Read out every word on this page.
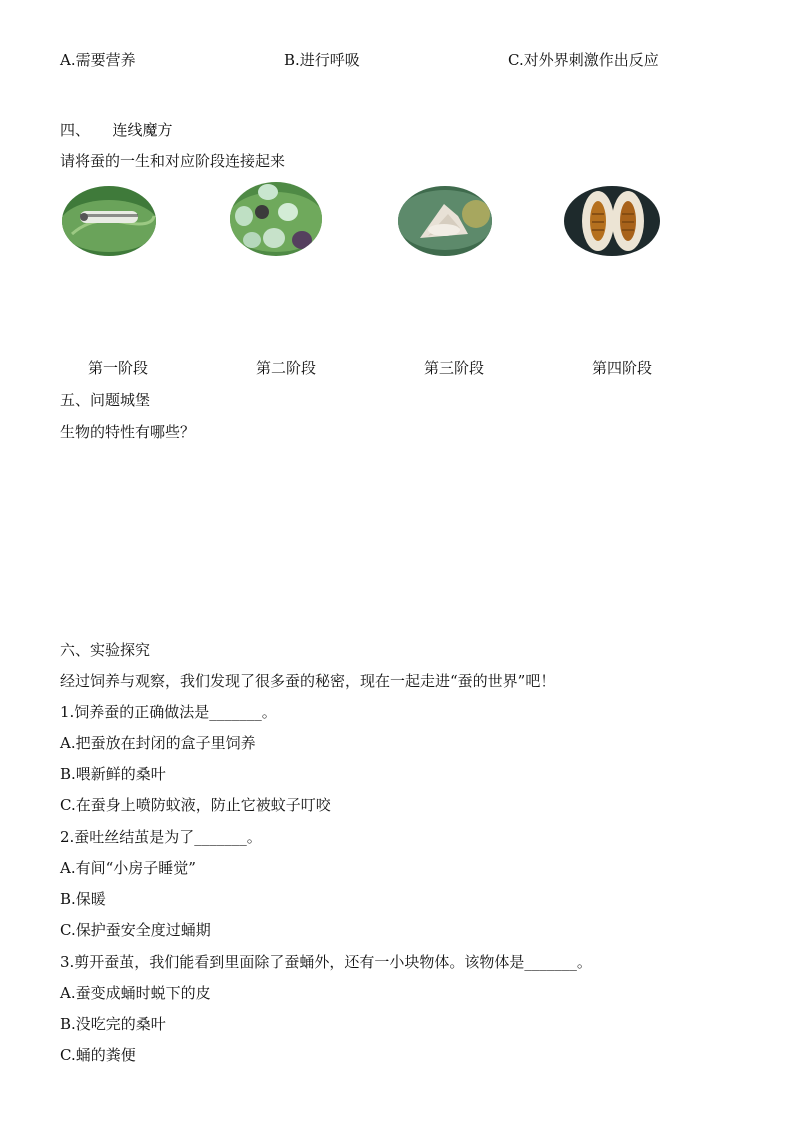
A.需要营养	B.进行呼吸	C.对外界刺激作出反应
四、　　连线魔方
请将蚕的一生和对应阶段连接起来
第一阶段	第二阶段	第三阶段	第四阶段
五、问题城堡
生物的特性有哪些？
六、实验探究
经过饲养与观察，我们发现了很多蚕的秘密，现在一起走进“蚕的世界”吧！
1.饲养蚕的正确做法是_______。
A.把蚕放在封闭的盒子里饲养
B.喂新鲜的桑叶
C.在蚕身上喷防蚊液，防止它被蚊子叮咬
2.蚕吐丝结茧是为了_______。
A.有间“小房子睡觉”
B.保暖
C.保护蚕安全度过蛹期
3.剪开蚕茧，我们能看到里面除了蚕蛹外，还有一小块物体。该物体是_______。
A.蚕变成蛹时蜕下的皮
B.没吃完的桑叶
C.蛹的粪便
